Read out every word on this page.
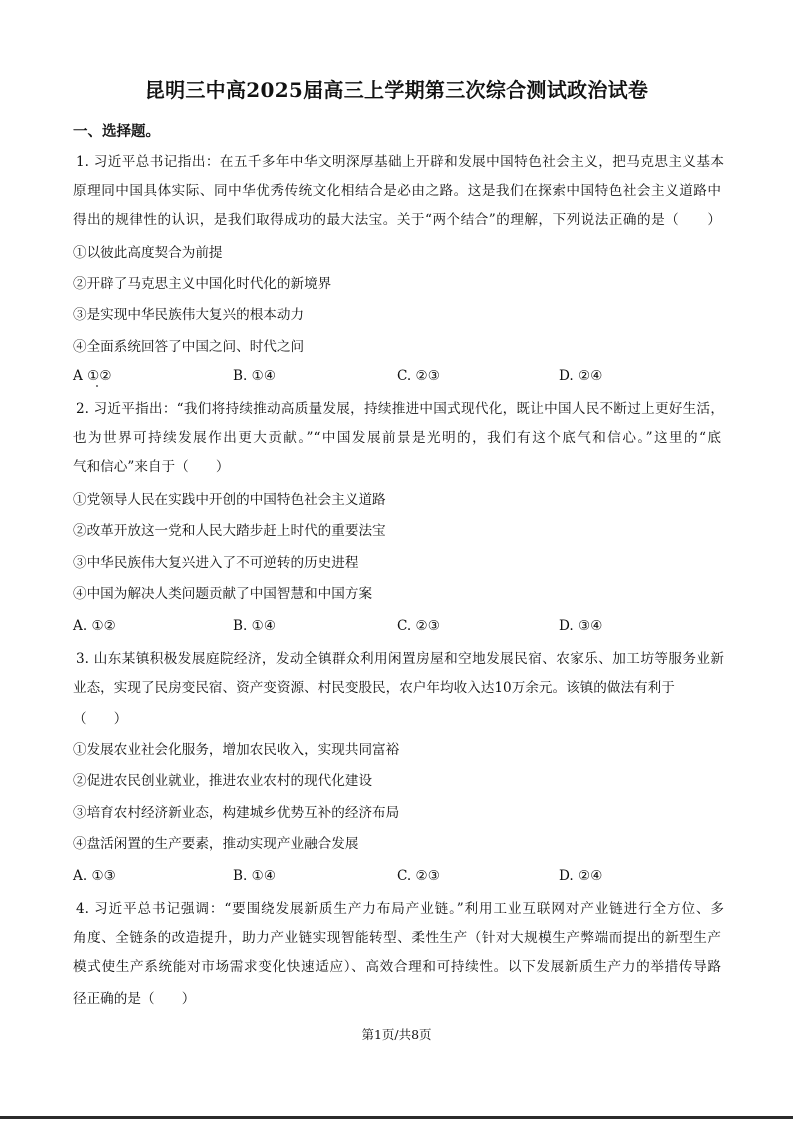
昆明三中高2025届高三上学期第三次综合测试政治试卷
一、选择题。
1. 习近平总书记指出：在五千多年中华文明深厚基础上开辟和发展中国特色社会主义，把马克思主义基本
原理同中国具体实际、同中华优秀传统文化相结合是必由之路。这是我们在探索中国特色社会主义道路中
得出的规律性的认识，是我们取得成功的最大法宝。关于“两个结合”的理解，下列说法正确的是（　　）
①以彼此高度契合为前提
②开辟了马克思主义中国化时代化的新境界
③是实现中华民族伟大复兴的根本动力
④全面系统回答了中国之问、时代之问
A ①②	B. ①④	C. ②③	D. ②④
2. 习近平指出：“我们将持续推动高质量发展，持续推进中国式现代化，既让中国人民不断过上更好生活，
也为世界可持续发展作出更大贡献。”“中国发展前景是光明的，我们有这个底气和信心。”这里的“底
气和信心”来自于（　　）
①党领导人民在实践中开创的中国特色社会主义道路
②改革开放这一党和人民大踏步赶上时代的重要法宝
③中华民族伟大复兴进入了不可逆转的历史进程
④中国为解决人类问题贡献了中国智慧和中国方案
A. ①②	B. ①④	C. ②③	D. ③④
3. 山东某镇积极发展庭院经济，发动全镇群众利用闲置房屋和空地发展民宿、农家乐、加工坊等服务业新
业态，实现了民房变民宿、资产变资源、村民变股民，农户年均收入达10万余元。该镇的做法有利于
（　　）
①发展农业社会化服务，增加农民收入，实现共同富裕
②促进农民创业就业，推进农业农村的现代化建设
③培育农村经济新业态，构建城乡优势互补的经济布局
④盘活闲置的生产要素，推动实现产业融合发展
A. ①③	B. ①④	C. ②③	D. ②④
4. 习近平总书记强调：“要围绕发展新质生产力布局产业链。”利用工业互联网对产业链进行全方位、多
角度、全链条的改造提升，助力产业链实现智能转型、柔性生产（针对大规模生产弊端而提出的新型生产
模式使生产系统能对市场需求变化快速适应）、高效合理和可持续性。以下发展新质生产力的举措传导路
径正确的是（　　）
第1页/共8页
